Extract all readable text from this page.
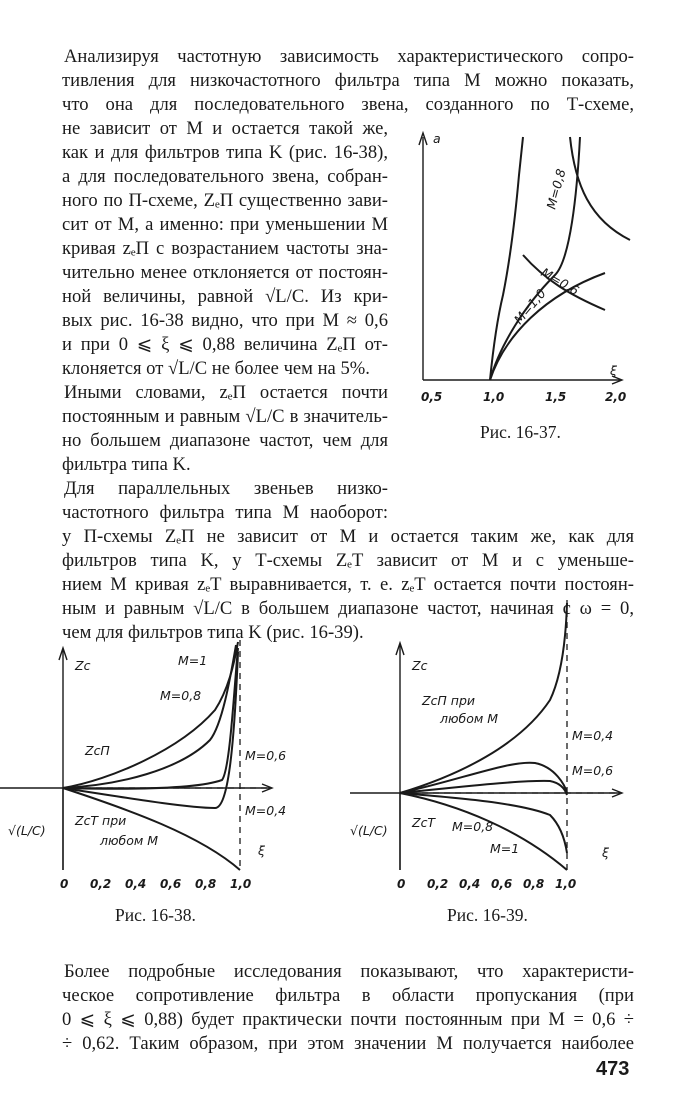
Анализируя частотную зависимость характеристического сопро-
тивления для низкочастотного фильтра типа M можно показать,
что она для последовательного звена, созданного по Т-схеме,
не зависит от M и остается такой же,
как и для фильтров типа K (рис. 16-38),
а для последовательного звена, собран-
ного по П-схеме, ZₑП существенно зави-
сит от M, а именно: при уменьшении M
кривая zₑП с возрастанием частоты зна-
чительно менее отклоняется от постоян-
ной величины, равной √L/C. Из кри-
вых рис. 16-38 видно, что при M ≈ 0,6
и при 0 ⩽ ξ ⩽ 0,88 величина ZₑП от-
клоняется от √L/C не более чем на 5%.
Иными словами, zₑП остается почти
постоянным и равным √L/C в значитель-
но большем диапазоне частот, чем для
фильтра типа K.
Для параллельных звеньев низко-
частотного фильтра типа M наоборот:
у П-схемы ZₑП не зависит от M и остается таким же, как для
фильтров типа K, у Т-схемы ZₑT зависит от M и с уменьше-
нием M кривая zₑT выравнивается, т. е. zₑT остается почти постоян-
ным и равным √L/C в большем диапазоне частот, начиная с ω = 0,
чем для фильтров типа K (рис. 16-39).
a
ξ
0,5	1,0	1,5	2,0
M=0,8
M=0,6
M=1,0
Рис. 16-37.
Zc
ξ
√(L/C)
M=1
M=0,8
M=0,6
M=0,4
ZcП
ZcT при
любом M
0 0,2 0,4 0,6 0,8 1,0
Рис. 16-38.
Zc
ξ
√(L/C)
ZcП при
любом M
M=0,4
M=0,6
ZcT M=0,8
M=1
0 0,2 0,4 0,6 0,8 1,0
Рис. 16-39.
Более подробные исследования показывают, что характеристи-
ческое сопротивление фильтра в области пропускания (при
0 ⩽ ξ ⩽ 0,88) будет практически почти постоянным при M = 0,6 ÷
÷ 0,62. Таким образом, при этом значении M получается наиболее
473
